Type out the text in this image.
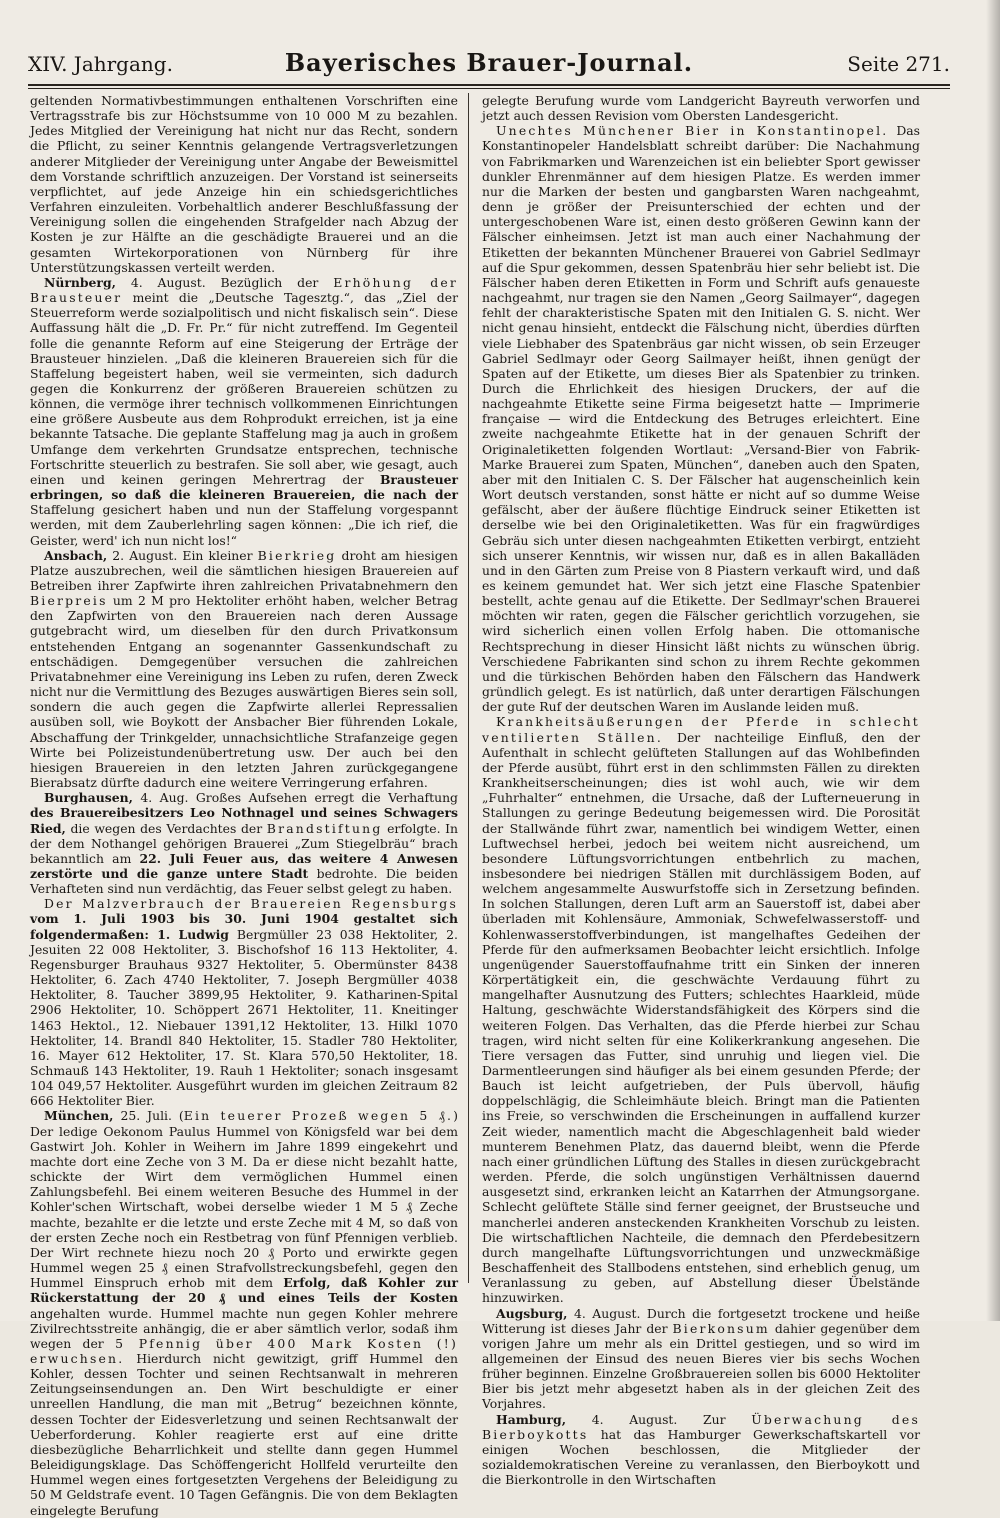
XIV. Jahrgang.	Bayerisches Brauer-Journal.	Seite 271.

geltenden Normativbestimmungen enthaltenen Vorschriften eine Vertragsstrafe bis zur Höchstsumme von 10 000 M zu bezahlen. Jedes Mitglied der Vereinigung hat nicht nur das Recht, sondern die Pflicht, zu seiner Kenntnis gelangende Vertragsverletzungen anderer Mitglieder der Vereinigung unter Angabe der Beweismittel dem Vorstande schriftlich anzuzeigen. Der Vorstand ist seinerseits verpflichtet, auf jede Anzeige hin ein schiedsgerichtliches Verfahren einzuleiten. Vorbehaltlich anderer Beschlußfassung der Vereinigung sollen die eingehenden Strafgelder nach Abzug der Kosten je zur Hälfte an die geschädigte Brauerei und an die gesamten Wirtekorporationen von Nürnberg für ihre Unterstützungskassen verteilt werden.

Nürnberg, 4. August. Bezüglich der Erhöhung der Brausteuer meint die „Deutsche Tagesztg.“, das „Ziel der Steuerreform werde sozialpolitisch und nicht fiskalisch sein“. Diese Auffassung hält die „D. Fr. Pr.“ für nicht zutreffend. Im Gegenteil folle die genannte Reform auf eine Steigerung der Erträge der Brausteuer hinzielen. „Daß die kleineren Brauereien sich für die Staffelung begeistert haben, weil sie vermeinten, sich dadurch gegen die Konkurrenz der größeren Brauereien schützen zu können, die vermöge ihrer technisch vollkommenen Einrichtungen eine größere Ausbeute aus dem Rohprodukt erreichen, ist ja eine bekannte Tatsache. Die geplante Staffelung mag ja auch in großem Umfange dem verkehrten Grundsatze entsprechen, technische Fortschritte steuerlich zu bestrafen. Sie soll aber, wie gesagt, auch einen und keinen geringen Mehrertrag der Brausteuer erbringen, so daß die kleineren Brauereien, die nach der Staffelung gesichert haben und nun der Staffelung vorgespannt werden, mit dem Zauberlehrling sagen können: „Die ich rief, die Geister, werd' ich nun nicht los!“

Ansbach, 2. August. Ein kleiner Bierkrieg droht am hiesigen Platze auszubrechen, weil die sämtlichen hiesigen Brauereien auf Betreiben ihrer Zapfwirte ihren zahlreichen Privatabnehmern den Bierpreis um 2 M pro Hektoliter erhöht haben, welcher Betrag den Zapfwirten von den Brauereien nach deren Aussage gutgebracht wird, um dieselben für den durch Privatkonsum entstehenden Entgang an sogenannter Gassenkundschaft zu entschädigen. Demgegenüber versuchen die zahlreichen Privatabnehmer eine Vereinigung ins Leben zu rufen, deren Zweck nicht nur die Vermittlung des Bezuges auswärtigen Bieres sein soll, sondern die auch gegen die Zapfwirte allerlei Repressalien ausüben soll, wie Boykott der Ansbacher Bier führenden Lokale, Abschaffung der Trinkgelder, unnachsichtliche Strafanzeige gegen Wirte bei Polizeistundenübertretung usw. Der auch bei den hiesigen Brauereien in den letzten Jahren zurückgegangene Bierabsatz dürfte dadurch eine weitere Verringerung erfahren.

Burghausen, 4. Aug. Großes Aufsehen erregt die Verhaftung des Brauereibesitzers Leo Nothnagel und seines Schwagers Ried, die wegen des Verdachtes der Brandstiftung erfolgte. In der dem Nothangel gehörigen Brauerei „Zum Stiegelbräu“ brach bekanntlich am 22. Juli Feuer aus, das weitere 4 Anwesen zerstörte und die ganze untere Stadt bedrohte. Die beiden Verhafteten sind nun verdächtig, das Feuer selbst gelegt zu haben.

Der Malzverbrauch der Brauereien Regensburgs vom 1. Juli 1903 bis 30. Juni 1904 gestaltet sich folgendermaßen: 1. Ludwig Bergmüller 23 038 Hektoliter, 2. Jesuiten 22 008 Hektoliter, 3. Bischofshof 16 113 Hektoliter, 4. Regensburger Brauhaus 9327 Hektoliter, 5. Obermünster 8438 Hektoliter, 6. Zach 4740 Hektoliter, 7. Joseph Bergmüller 4038 Hektoliter, 8. Taucher 3899,95 Hektoliter, 9. Katharinen-Spital 2906 Hektoliter, 10. Schöppert 2671 Hektoliter, 11. Kneitinger 1463 Hektol., 12. Niebauer 1391,12 Hektoliter, 13. Hilkl 1070 Hektoliter, 14. Brandl 840 Hektoliter, 15. Stadler 780 Hektoliter, 16. Mayer 612 Hektoliter, 17. St. Klara 570,50 Hektoliter, 18. Schmauß 143 Hektoliter, 19. Rauh 1 Hektoliter; sonach insgesamt 104 049,57 Hektoliter. Ausgeführt wurden im gleichen Zeitraum 82 666 Hektoliter Bier.

München, 25. Juli. (Ein teuerer Prozeß wegen 5 ₰.) Der ledige Oekonom Paulus Hummel von Königsfeld war bei dem Gastwirt Joh. Kohler in Weihern im Jahre 1899 eingekehrt und machte dort eine Zeche von 3 M. Da er diese nicht bezahlt hatte, schickte der Wirt dem vermöglichen Hummel einen Zahlungsbefehl. Bei einem weiteren Besuche des Hummel in der Kohler'schen Wirtschaft, wobei derselbe wieder 1 M 5 ₰ Zeche machte, bezahlte er die letzte und erste Zeche mit 4 M, so daß von der ersten Zeche noch ein Restbetrag von fünf Pfennigen verblieb. Der Wirt rechnete hiezu noch 20 ₰ Porto und erwirkte gegen Hummel wegen 25 ₰ einen Strafvollstreckungsbefehl, gegen den Hummel Einspruch erhob mit dem Erfolg, daß Kohler zur Rückerstattung der 20 ₰ und eines Teils der Kosten angehalten wurde. Hummel machte nun gegen Kohler mehrere Zivilrechtsstreite anhängig, die er aber sämtlich verlor, sodaß ihm wegen der 5 Pfennig über 400 Mark Kosten (!) erwuchsen. Hierdurch nicht gewitzigt, griff Hummel den Kohler, dessen Tochter und seinen Rechtsanwalt in mehreren Zeitungseinsendungen an. Den Wirt beschuldigte er einer unreellen Handlung, die man mit „Betrug“ bezeichnen könnte, dessen Tochter der Eidesverletzung und seinen Rechtsanwalt der Ueberforderung. Kohler reagierte erst auf eine dritte diesbezügliche Beharrlichkeit und stellte dann gegen Hummel Beleidigungsklage. Das Schöffengericht Hollfeld verurteilte den Hummel wegen eines fortgesetzten Vergehens der Beleidigung zu 50 M Geldstrafe event. 10 Tagen Gefängnis. Die von dem Beklagten eingelegte Berufung

gelegte Berufung wurde vom Landgericht Bayreuth verworfen und jetzt auch dessen Revision vom Obersten Landesgericht.

Unechtes Münchener Bier in Konstantinopel. Das Konstantinopeler Handelsblatt schreibt darüber: Die Nachahmung von Fabrikmarken und Warenzeichen ist ein beliebter Sport gewisser dunkler Ehrenmänner auf dem hiesigen Platze. Es werden immer nur die Marken der besten und gangbarsten Waren nachgeahmt, denn je größer der Preisunterschied der echten und der untergeschobenen Ware ist, einen desto größeren Gewinn kann der Fälscher einheimsen. Jetzt ist man auch einer Nachahmung der Etiketten der bekannten Münchener Brauerei von Gabriel Sedlmayr auf die Spur gekommen, dessen Spatenbräu hier sehr beliebt ist. Die Fälscher haben deren Etiketten in Form und Schrift aufs genaueste nachgeahmt, nur tragen sie den Namen „Georg Sailmayer“, dagegen fehlt der charakteristische Spaten mit den Initialen G. S. nicht. Wer nicht genau hinsieht, entdeckt die Fälschung nicht, überdies dürften viele Liebhaber des Spatenbräus gar nicht wissen, ob sein Erzeuger Gabriel Sedlmayr oder Georg Sailmayer heißt, ihnen genügt der Spaten auf der Etikette, um dieses Bier als Spatenbier zu trinken. Durch die Ehrlichkeit des hiesigen Druckers, der auf die nachgeahmte Etikette seine Firma beigesetzt hatte — Imprimerie française — wird die Entdeckung des Betruges erleichtert. Eine zweite nachgeahmte Etikette hat in der genauen Schrift der Originaletiketten folgenden Wortlaut: „Versand-Bier von Fabrik-Marke Brauerei zum Spaten, München“, daneben auch den Spaten, aber mit den Initialen C. S. Der Fälscher hat augenscheinlich kein Wort deutsch verstanden, sonst hätte er nicht auf so dumme Weise gefälscht, aber der äußere flüchtige Eindruck seiner Etiketten ist derselbe wie bei den Originaletiketten. Was für ein fragwürdiges Gebräu sich unter diesen nachgeahmten Etiketten verbirgt, entzieht sich unserer Kenntnis, wir wissen nur, daß es in allen Bakalläden und in den Gärten zum Preise von 8 Piastern verkauft wird, und daß es keinem gemundet hat. Wer sich jetzt eine Flasche Spatenbier bestellt, achte genau auf die Etikette. Der Sedlmayr'schen Brauerei möchten wir raten, gegen die Fälscher gerichtlich vorzugehen, sie wird sicherlich einen vollen Erfolg haben. Die ottomanische Rechtsprechung in dieser Hinsicht läßt nichts zu wünschen übrig. Verschiedene Fabrikanten sind schon zu ihrem Rechte gekommen und die türkischen Behörden haben den Fälschern das Handwerk gründlich gelegt. Es ist natürlich, daß unter derartigen Fälschungen der gute Ruf der deutschen Waren im Auslande leiden muß.

Krankheitsäußerungen der Pferde in schlecht ventilierten Ställen. Der nachteilige Einfluß, den der Aufenthalt in schlecht gelüfteten Stallungen auf das Wohlbefinden der Pferde ausübt, führt erst in den schlimmsten Fällen zu direkten Krankheitserscheinungen; dies ist wohl auch, wie wir dem „Fuhrhalter“ entnehmen, die Ursache, daß der Lufterneuerung in Stallungen zu geringe Bedeutung beigemessen wird. Die Porosität der Stallwände führt zwar, namentlich bei windigem Wetter, einen Luftwechsel herbei, jedoch bei weitem nicht ausreichend, um besondere Lüftungsvorrichtungen entbehrlich zu machen, insbesondere bei niedrigen Ställen mit durchlässigem Boden, auf welchem angesammelte Auswurfstoffe sich in Zersetzung befinden. In solchen Stallungen, deren Luft arm an Sauerstoff ist, dabei aber überladen mit Kohlensäure, Ammoniak, Schwefelwasserstoff- und Kohlenwasserstoffverbindungen, ist mangelhaftes Gedeihen der Pferde für den aufmerksamen Beobachter leicht ersichtlich. Infolge ungenügender Sauerstoffaufnahme tritt ein Sinken der inneren Körpertätigkeit ein, die geschwächte Verdauung führt zu mangelhafter Ausnutzung des Futters; schlechtes Haarkleid, müde Haltung, geschwächte Widerstandsfähigkeit des Körpers sind die weiteren Folgen. Das Verhalten, das die Pferde hierbei zur Schau tragen, wird nicht selten für eine Kolikerkrankung angesehen. Die Tiere versagen das Futter, sind unruhig und liegen viel. Die Darmentleerungen sind häufiger als bei einem gesunden Pferde; der Bauch ist leicht aufgetrieben, der Puls übervoll, häufig doppelschlägig, die Schleimhäute bleich. Bringt man die Patienten ins Freie, so verschwinden die Erscheinungen in auffallend kurzer Zeit wieder, namentlich macht die Abgeschlagenheit bald wieder munterem Benehmen Platz, das dauernd bleibt, wenn die Pferde nach einer gründlichen Lüftung des Stalles in diesen zurückgebracht werden. Pferde, die solch ungünstigen Verhältnissen dauernd ausgesetzt sind, erkranken leicht an Katarrhen der Atmungsorgane. Schlecht gelüftete Ställe sind ferner geeignet, der Brustseuche und mancherlei anderen ansteckenden Krankheiten Vorschub zu leisten. Die wirtschaftlichen Nachteile, die demnach den Pferdebesitzern durch mangelhafte Lüftungsvorrichtungen und unzweckmäßige Beschaffenheit des Stallbodens entstehen, sind erheblich genug, um Veranlassung zu geben, auf Abstellung dieser Übelstände hinzuwirken.

Augsburg, 4. August. Durch die fortgesetzt trockene und heiße Witterung ist dieses Jahr der Bierkonsum dahier gegenüber dem vorigen Jahre um mehr als ein Drittel gestiegen, und so wird im allgemeinen der Einsud des neuen Bieres vier bis sechs Wochen früher beginnen. Einzelne Großbrauereien sollen bis 6000 Hektoliter Bier bis jetzt mehr abgesetzt haben als in der gleichen Zeit des Vorjahres.

Hamburg, 4. August. Zur Überwachung des Bierboykotts hat das Hamburger Gewerkschaftskartell vor einigen Wochen beschlossen, die Mitglieder der sozialdemokratischen Vereine zu veranlassen, den Bierboykott und die Bierkontrolle in den Wirtschaften
